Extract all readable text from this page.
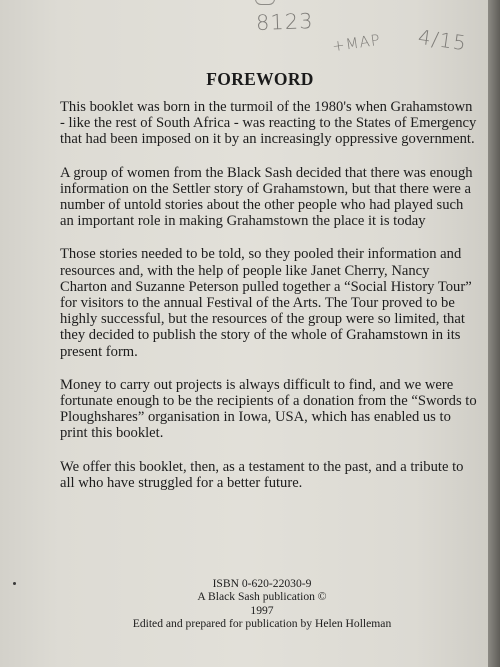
8123
+MAP 4/15
FOREWORD

This booklet was born in the turmoil of the 1980's when Grahamstown - like the rest of South Africa - was reacting to the States of Emergency that had been imposed on it by an increasingly oppressive government.

A group of women from the Black Sash decided that there was enough information on the Settler story of Grahamstown, but that there were a number of untold stories about the other people who had played such an important role in making Grahamstown the place it is today

Those stories needed to be told, so they pooled their information and resources and, with the help of people like Janet Cherry, Nancy Charton and Suzanne Peterson pulled together a “Social History Tour” for visitors to the annual Festival of the Arts. The Tour proved to be highly successful, but the resources of the group were so limited, that they decided to publish the story of the whole of Grahamstown in its present form.

Money to carry out projects is always difficult to find, and we were fortunate enough to be the recipients of a donation from the “Swords to Ploughshares” organisation in Iowa, USA, which has enabled us to print this booklet.

We offer this booklet, then, as a testament to the past, and a tribute to all who have struggled for a better future.

ISBN 0-620-22030-9
A Black Sash publication ©
1997
Edited and prepared for publication by Helen Holleman
